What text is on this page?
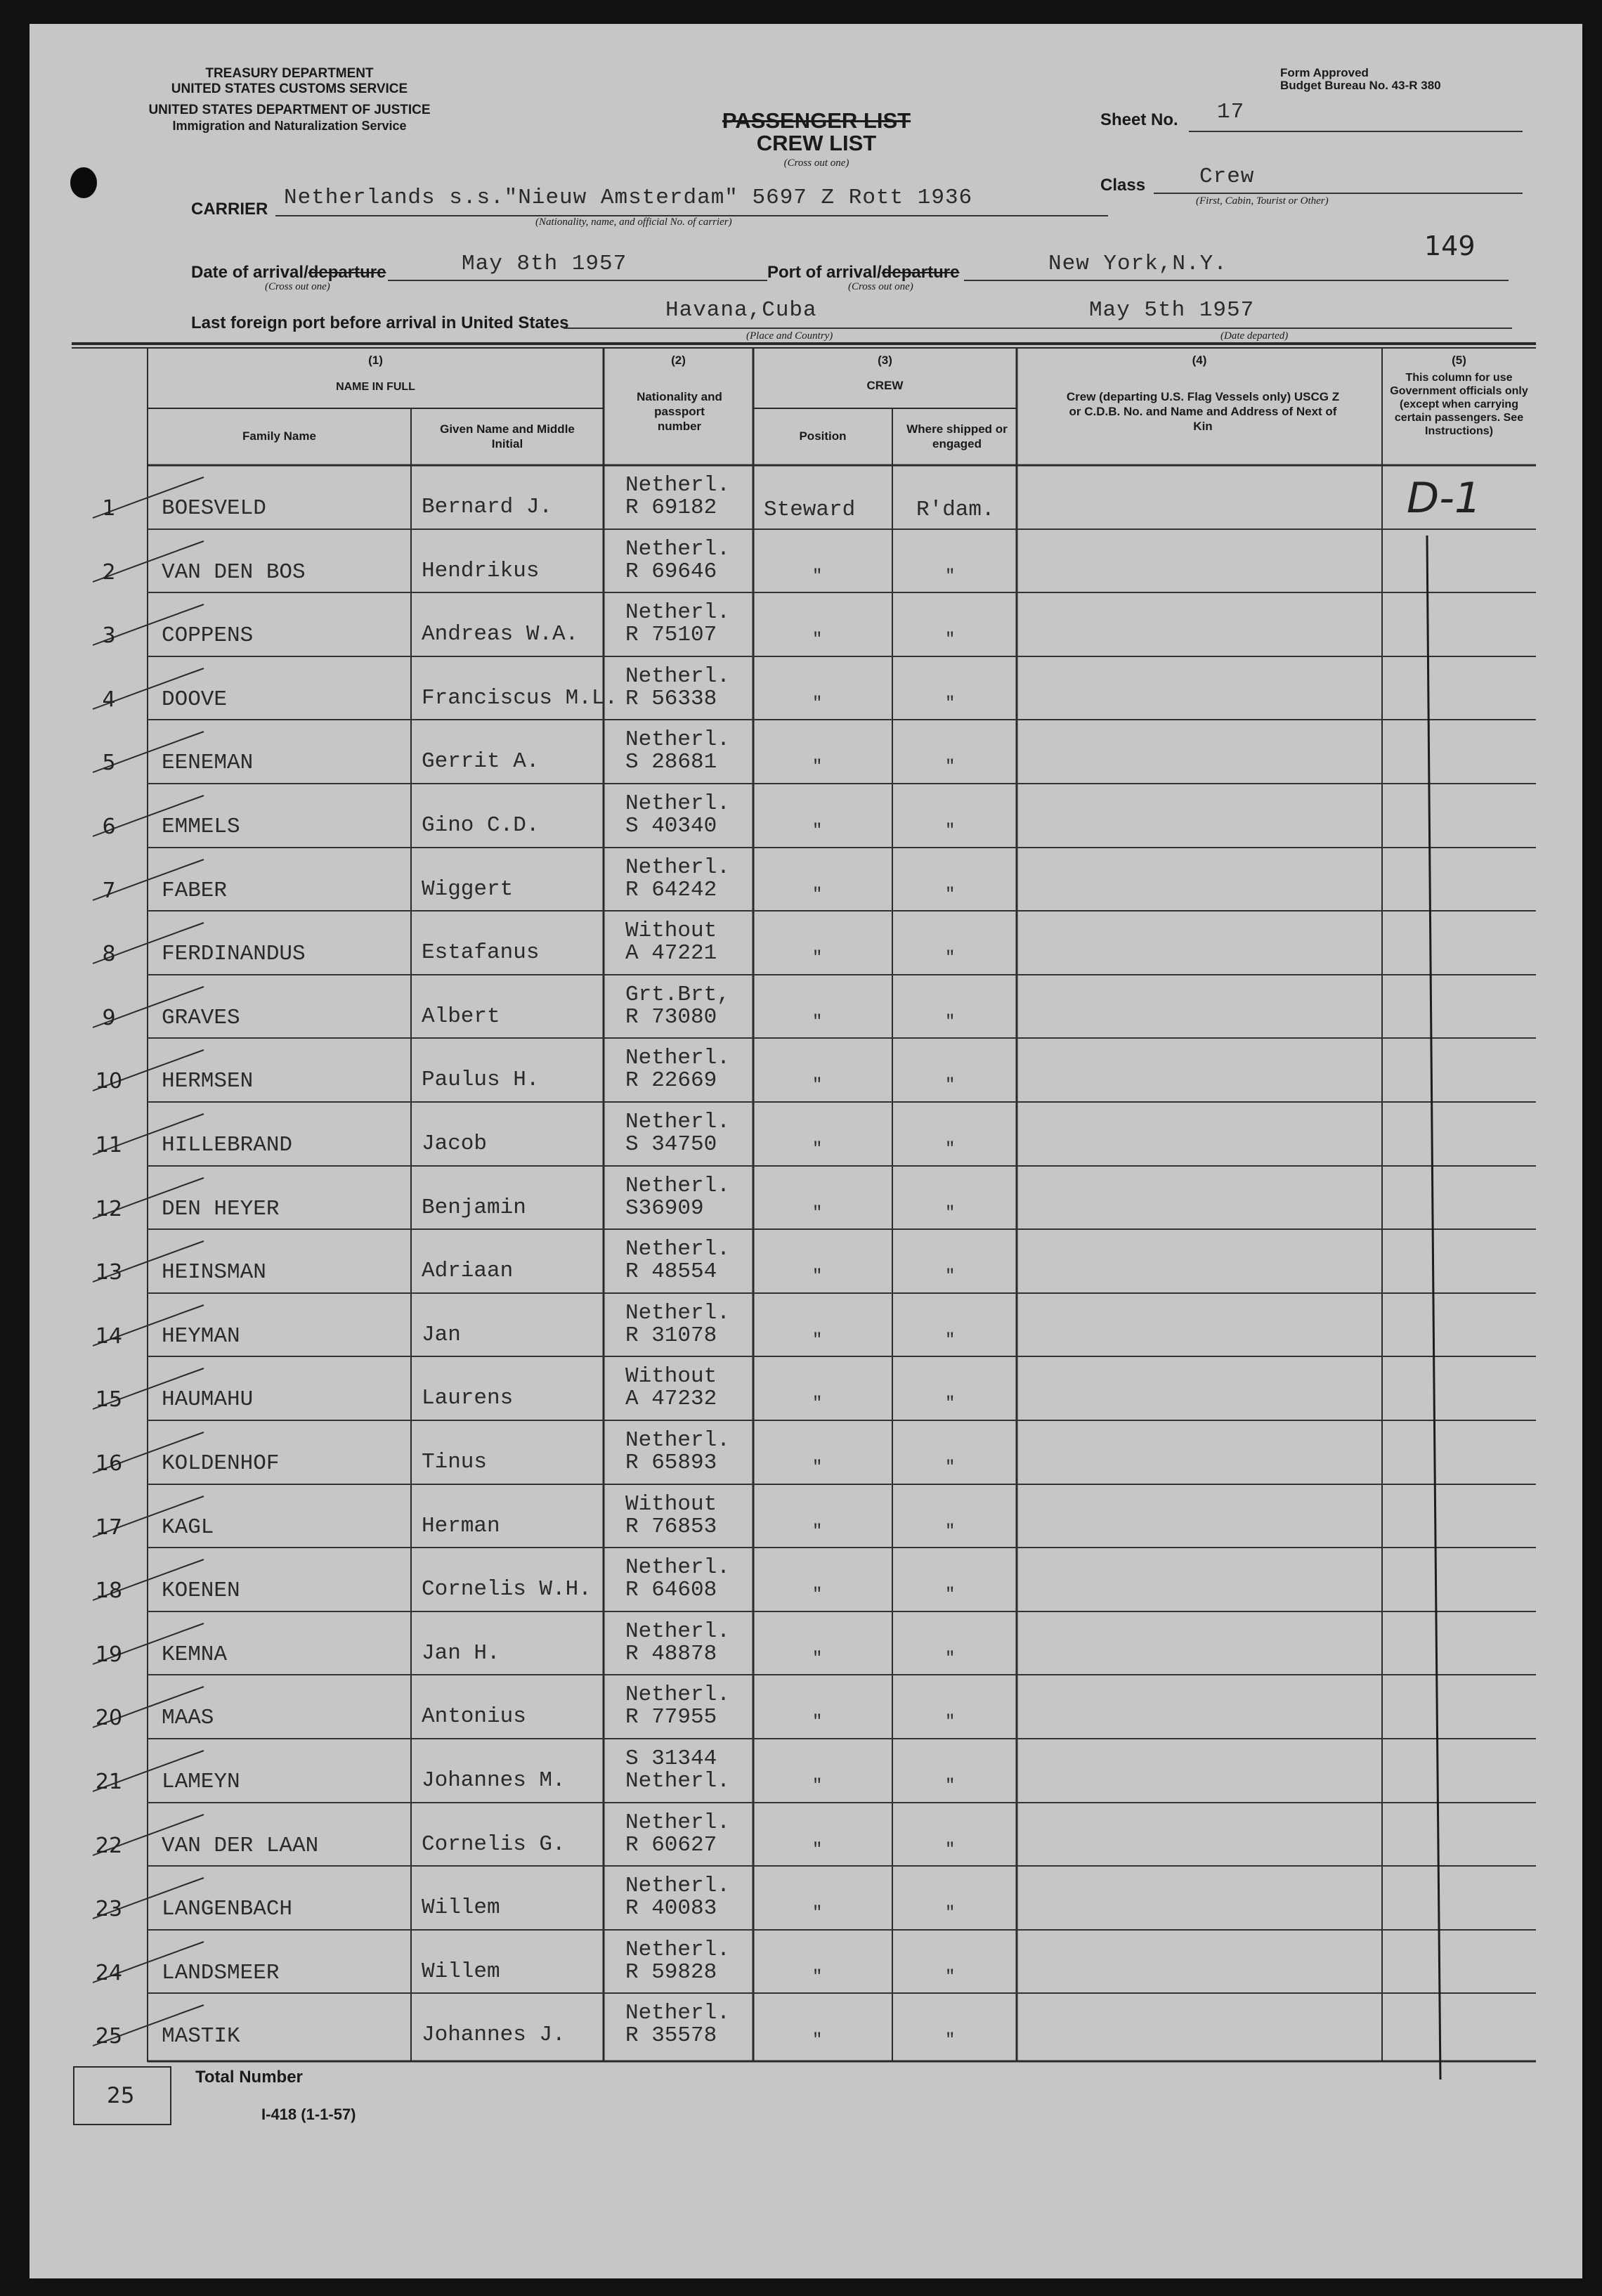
TREASURY DEPARTMENT
UNITED STATES CUSTOMS SERVICE
UNITED STATES DEPARTMENT OF JUSTICE
Immigration and Naturalization Service
Form Approved
Budget Bureau No. 43-R 380
PASSENGER LIST
CREW LIST
(Cross out one)
Sheet No. 17
Class Crew
(First, Cabin, Tourist or Other)
CARRIER Netherlands s.s."Nieuw Amsterdam" 5697 Z Rott 1936
(Nationality, name, and official No. of carrier)
149
Date of arrival/departure
(Cross out one)
May 8th 1957	Port of arrival/departure
(Cross out one)
New York,N.Y.
Last foreign port before arrival in United States
Havana,Cuba
(Place and Country)
May 5th 1957
(Date departed)
(1)
NAME IN FULL
Family Name
Given Name and Middle Initial
(2)
Nationality and passport number
(3)
CREW
Position
Where shipped or engaged
(4)
Crew (departing U.S. Flag Vessels only) USCG Z or C.D.B. No. and Name and Address of Next of Kin
(5)
This column for use Government officials only (except when carrying certain passengers. See Instructions)
1	BOESVELD	Bernard J.
Netherl.
R 69182 Steward	R'dam.
2	VAN DEN BOS	Hendrikus
Netherl.
R 69646	"	"
3	COPPENS	Andreas W.A.
Netherl.
R 75107	"	"
4	DOOVE	Franciscus M.L.
Netherl.
R 56338	"	"
5	EENEMAN	Gerrit A.
Netherl.
S 28681	"	"
6	EMMELS	Gino C.D.
Netherl.
S 40340	"	"
7	FABER	Wiggert
Netherl.
R 64242	"	"
8	FERDINANDUS	Estafanus
Without
A 47221	"	"
9	GRAVES	Albert
Grt.Brt,
R 73080	"	"
10 HERMSEN	Paulus H.
Netherl.
R 22669	"	"
11 HILLEBRAND	Jacob
Netherl.
S 34750	"	"
12 DEN HEYER	Benjamin
Netherl.
S36909	"	"
13 HEINSMAN	Adriaan
Netherl.
R 48554	"	"
14 HEYMAN	Jan
Netherl.
R 31078	"	"
15 HAUMAHU	Laurens
Without
A 47232	"	"
16 KOLDENHOF	Tinus
Netherl.
R 65893	"	"
17 KAGL	Herman
Without
R 76853	"	"
18 KOENEN	Cornelis W.H.
Netherl.
R 64608	"	"
19 KEMNA	Jan H.
Netherl.
R 48878	"	"
20 MAAS	Antonius
Netherl.
R 77955	"	"
21 LAMEYN	Johannes M.
S 31344
Netherl.	"	"
22 VAN DER LAAN	Cornelis G.
Netherl.
R 60627	"	"
23 LANGENBACH	Willem
Netherl.
R 40083	"	"
24 LANDSMEER	Willem
Netherl.
R 59828	"	"
25 MASTIK	Johannes J.
Netherl.
R 35578	"	"
D-1
25
Total Number
I-418 (1-1-57)
